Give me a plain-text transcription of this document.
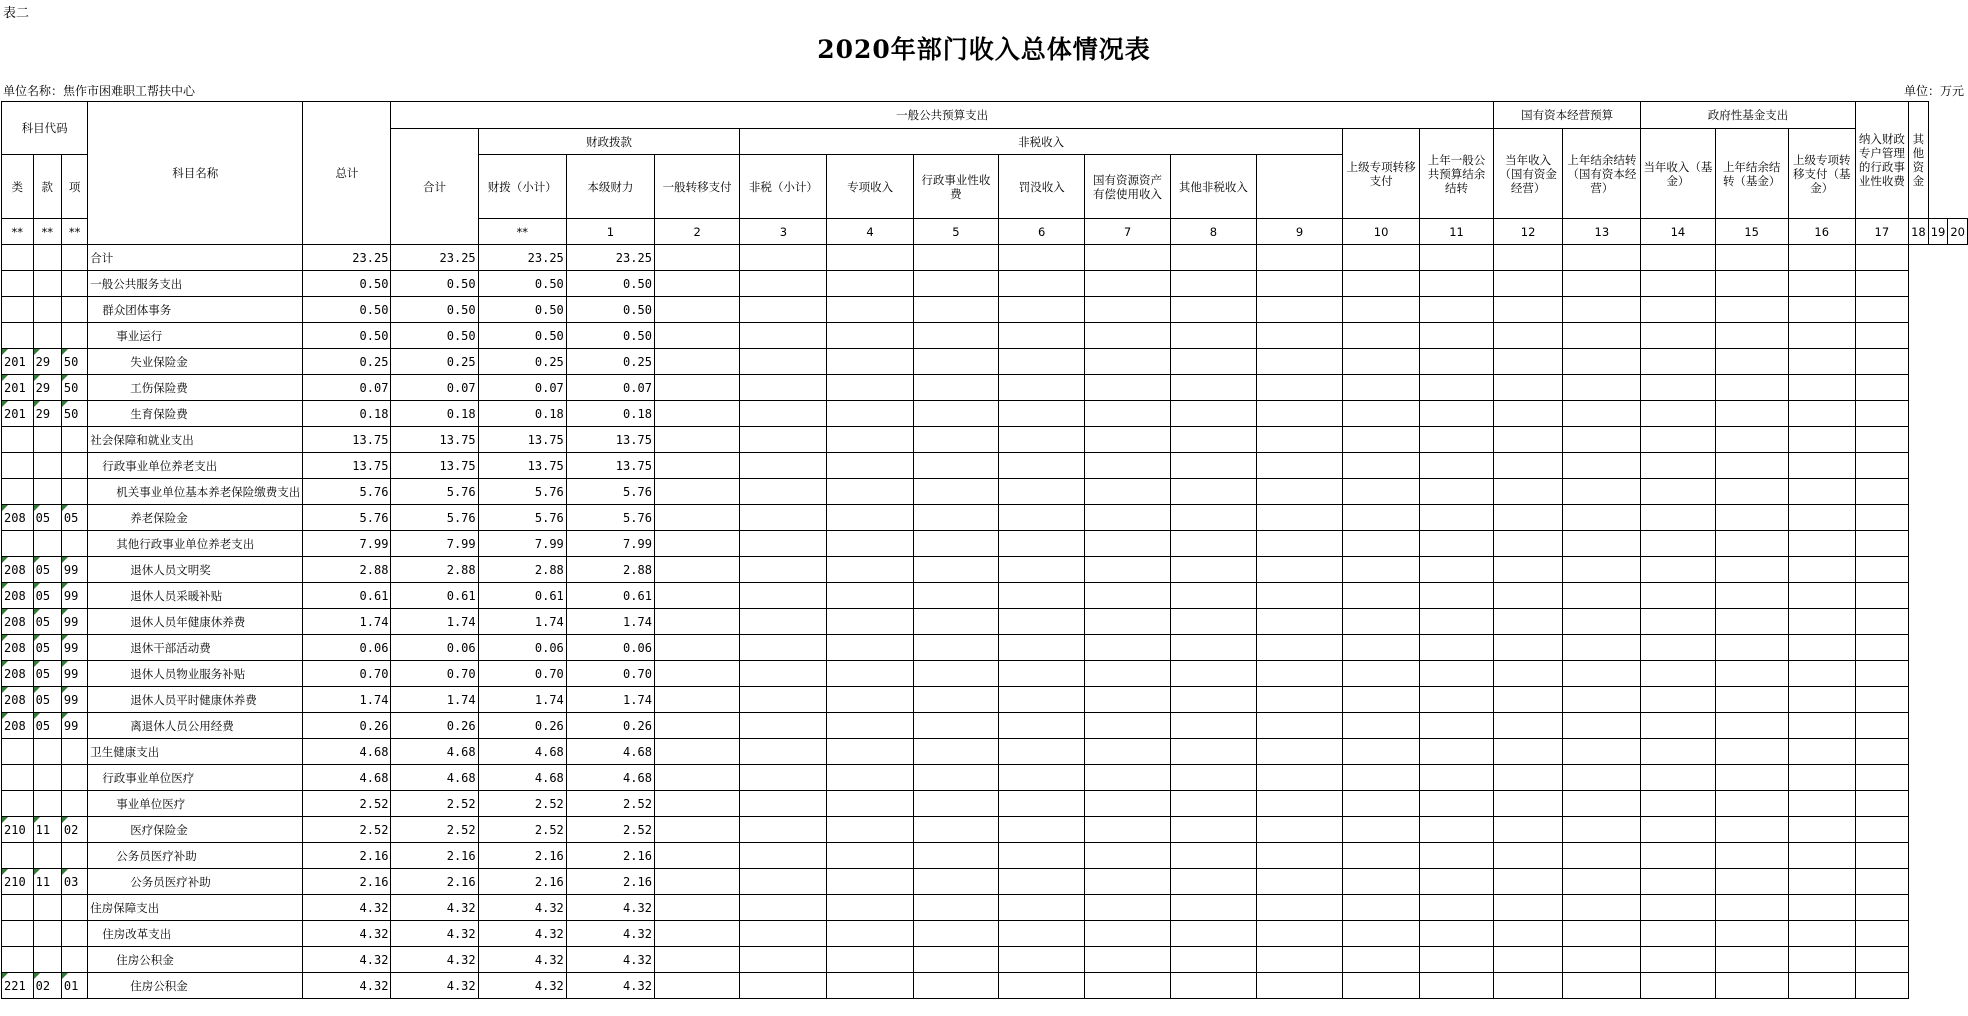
表二
2020年部门收入总体情况表
单位名称：焦作市困难职工帮扶中心	单位：万元
科目代码			科目名称	总计	一般公共预算支出													国有资本经营预算		政府性基金支出			纳入财政专户管理的行政事业性收费	其他资金		
					合计	财政拨款			非税收入							上级专项转移支付	上年一般公共预算结余结转	当年收入（国有资金经营）	上年结余结转（国有资本经营）	当年收入（基金）	上年结余结转（基金）	上级专项转移支付（基金）				
类	款	项				财拨（小计）	本级财力	一般转移支付	非税（小计）	专项收入	行政事业性收费	罚没收入	国有资源资产有偿使用收入	其他非税收入												
**	**	**				**	1	2	3	4	5	6	7	8	9	10	11	12	13	14	15	16	17	18	19	20
			合计	23.25	23.25	23.25	23.25																			
			一般公共服务支出	0.50	0.50	0.50	0.50																			
			群众团体事务	0.50	0.50	0.50	0.50																			
			事业运行	0.50	0.50	0.50	0.50																			
201	29	50	失业保险金	0.25	0.25	0.25	0.25																			
201	29	50	工伤保险费	0.07	0.07	0.07	0.07																			
201	29	50	生育保险费	0.18	0.18	0.18	0.18																			
			社会保障和就业支出	13.75	13.75	13.75	13.75																			
			行政事业单位养老支出	13.75	13.75	13.75	13.75																			
			机关事业单位基本养老保险缴费支出	5.76	5.76	5.76	5.76																			
208	05	05	养老保险金	5.76	5.76	5.76	5.76																			
			其他行政事业单位养老支出	7.99	7.99	7.99	7.99																			
208	05	99	退休人员文明奖	2.88	2.88	2.88	2.88																			
208	05	99	退休人员采暖补贴	0.61	0.61	0.61	0.61																			
208	05	99	退休人员年健康休养费	1.74	1.74	1.74	1.74																			
208	05	99	退休干部活动费	0.06	0.06	0.06	0.06																			
208	05	99	退休人员物业服务补贴	0.70	0.70	0.70	0.70																			
208	05	99	退休人员平时健康休养费	1.74	1.74	1.74	1.74																			
208	05	99	离退休人员公用经费	0.26	0.26	0.26	0.26																			
			卫生健康支出	4.68	4.68	4.68	4.68																			
			行政事业单位医疗	4.68	4.68	4.68	4.68																			
			事业单位医疗	2.52	2.52	2.52	2.52																			
210	11	02	医疗保险金	2.52	2.52	2.52	2.52																			
			公务员医疗补助	2.16	2.16	2.16	2.16																			
210	11	03	公务员医疗补助	2.16	2.16	2.16	2.16																			
			住房保障支出	4.32	4.32	4.32	4.32																			
			住房改革支出	4.32	4.32	4.32	4.32																			
			住房公积金	4.32	4.32	4.32	4.32																			
221	02	01	住房公积金	4.32	4.32	4.32	4.32																			
